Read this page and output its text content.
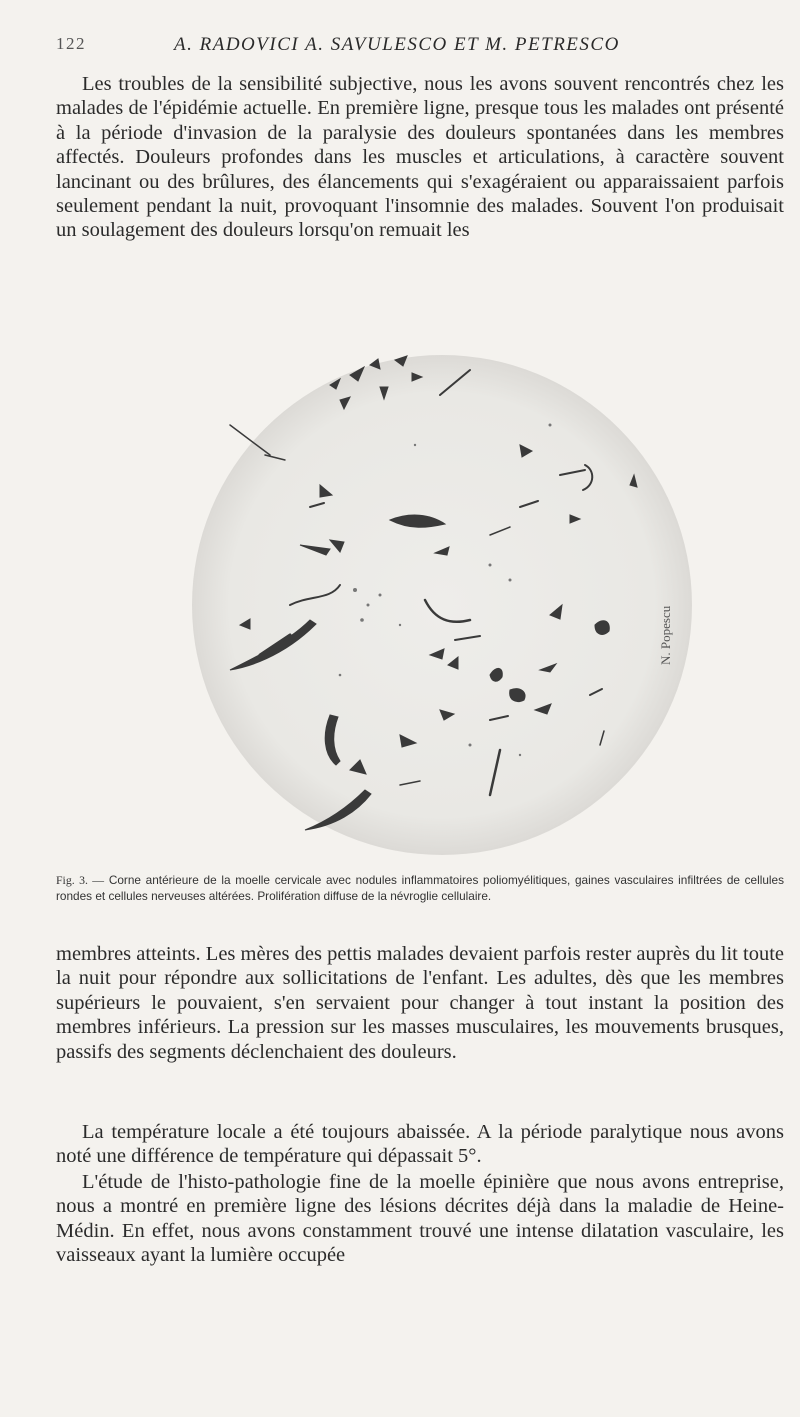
122	A. RADOVICI A. SAVULESCO ET M. PETRESCO

Les troubles de la sensibilité subjective, nous les avons souvent rencontrés chez les malades de l'épidémie actuelle. En première ligne, presque tous les malades ont présenté à la période d'invasion de la paralysie des douleurs spontanées dans les membres affectés. Douleurs profondes dans les muscles et articulations, à caractère souvent lancinant ou des brûlures, des élancements qui s'exagéraient ou apparaissaient parfois seulement pendant la nuit, provoquant l'insomnie des malades. Souvent l'on produisait un soulagement des douleurs lorsqu'on remuait les

N. Popescu

Fig. 3. — Corne antérieure de la moelle cervicale avec nodules inflammatoires poliomyélitiques, gaines vasculaires infiltrées de cellules rondes et cellules nerveuses altérées. Prolifération diffuse de la névroglie cellulaire.

membres atteints. Les mères des pettis malades devaient parfois rester auprès du lit toute la nuit pour répondre aux sollicitations de l'enfant. Les adultes, dès que les membres supérieurs le pouvaient, s'en servaient pour changer à tout instant la position des membres inférieurs. La pression sur les masses musculaires, les mouvements brusques, passifs des segments déclenchaient des douleurs.

La température locale a été toujours abaissée. A la période paralytique nous avons noté une différence de température qui dépassait 5°.

L'étude de l'histo-pathologie fine de la moelle épinière que nous avons entreprise, nous a montré en première ligne des lésions décrites déjà dans la maladie de Heine-Médin. En effet, nous avons constamment trouvé une intense dilatation vasculaire, les vaisseaux ayant la lumière occupée
